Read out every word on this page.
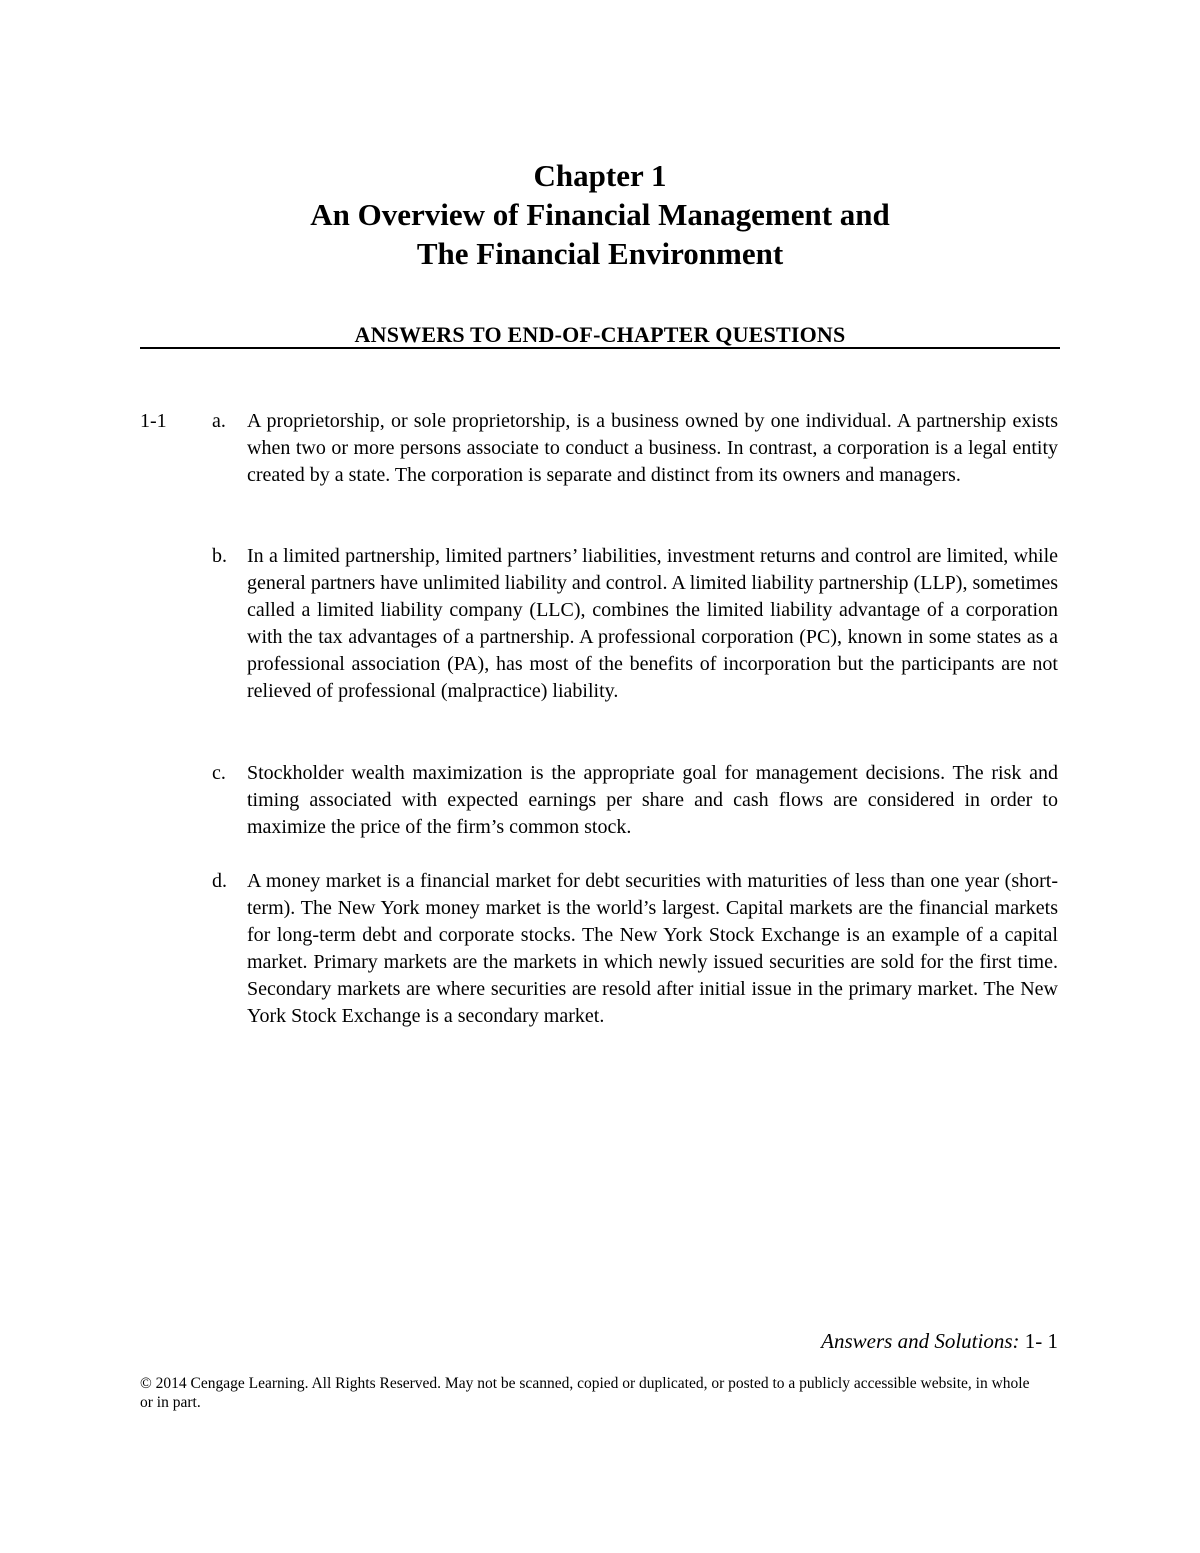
Chapter 1
An Overview of Financial Management and
The Financial Environment
ANSWERS TO END-OF-CHAPTER QUESTIONS
1-1 a. A proprietorship, or sole proprietorship, is a business owned by one individual. A partnership exists when two or more persons associate to conduct a business. In contrast, a corporation is a legal entity created by a state. The corporation is separate and distinct from its owners and managers.
b. In a limited partnership, limited partners’ liabilities, investment returns and control are limited, while general partners have unlimited liability and control. A limited liability partnership (LLP), sometimes called a limited liability company (LLC), combines the limited liability advantage of a corporation with the tax advantages of a partnership. A professional corporation (PC), known in some states as a professional association (PA), has most of the benefits of incorporation but the participants are not relieved of professional (malpractice) liability.
c. Stockholder wealth maximization is the appropriate goal for management decisions. The risk and timing associated with expected earnings per share and cash flows are considered in order to maximize the price of the firm’s common stock.
d. A money market is a financial market for debt securities with maturities of less than one year (short-term). The New York money market is the world’s largest. Capital markets are the financial markets for long-term debt and corporate stocks. The New York Stock Exchange is an example of a capital market. Primary markets are the markets in which newly issued securities are sold for the first time. Secondary markets are where securities are resold after initial issue in the primary market. The New York Stock Exchange is a secondary market.
Answers and Solutions: 1- 1
© 2014 Cengage Learning. All Rights Reserved. May not be scanned, copied or duplicated, or posted to a publicly accessible website, in whole or in part.
